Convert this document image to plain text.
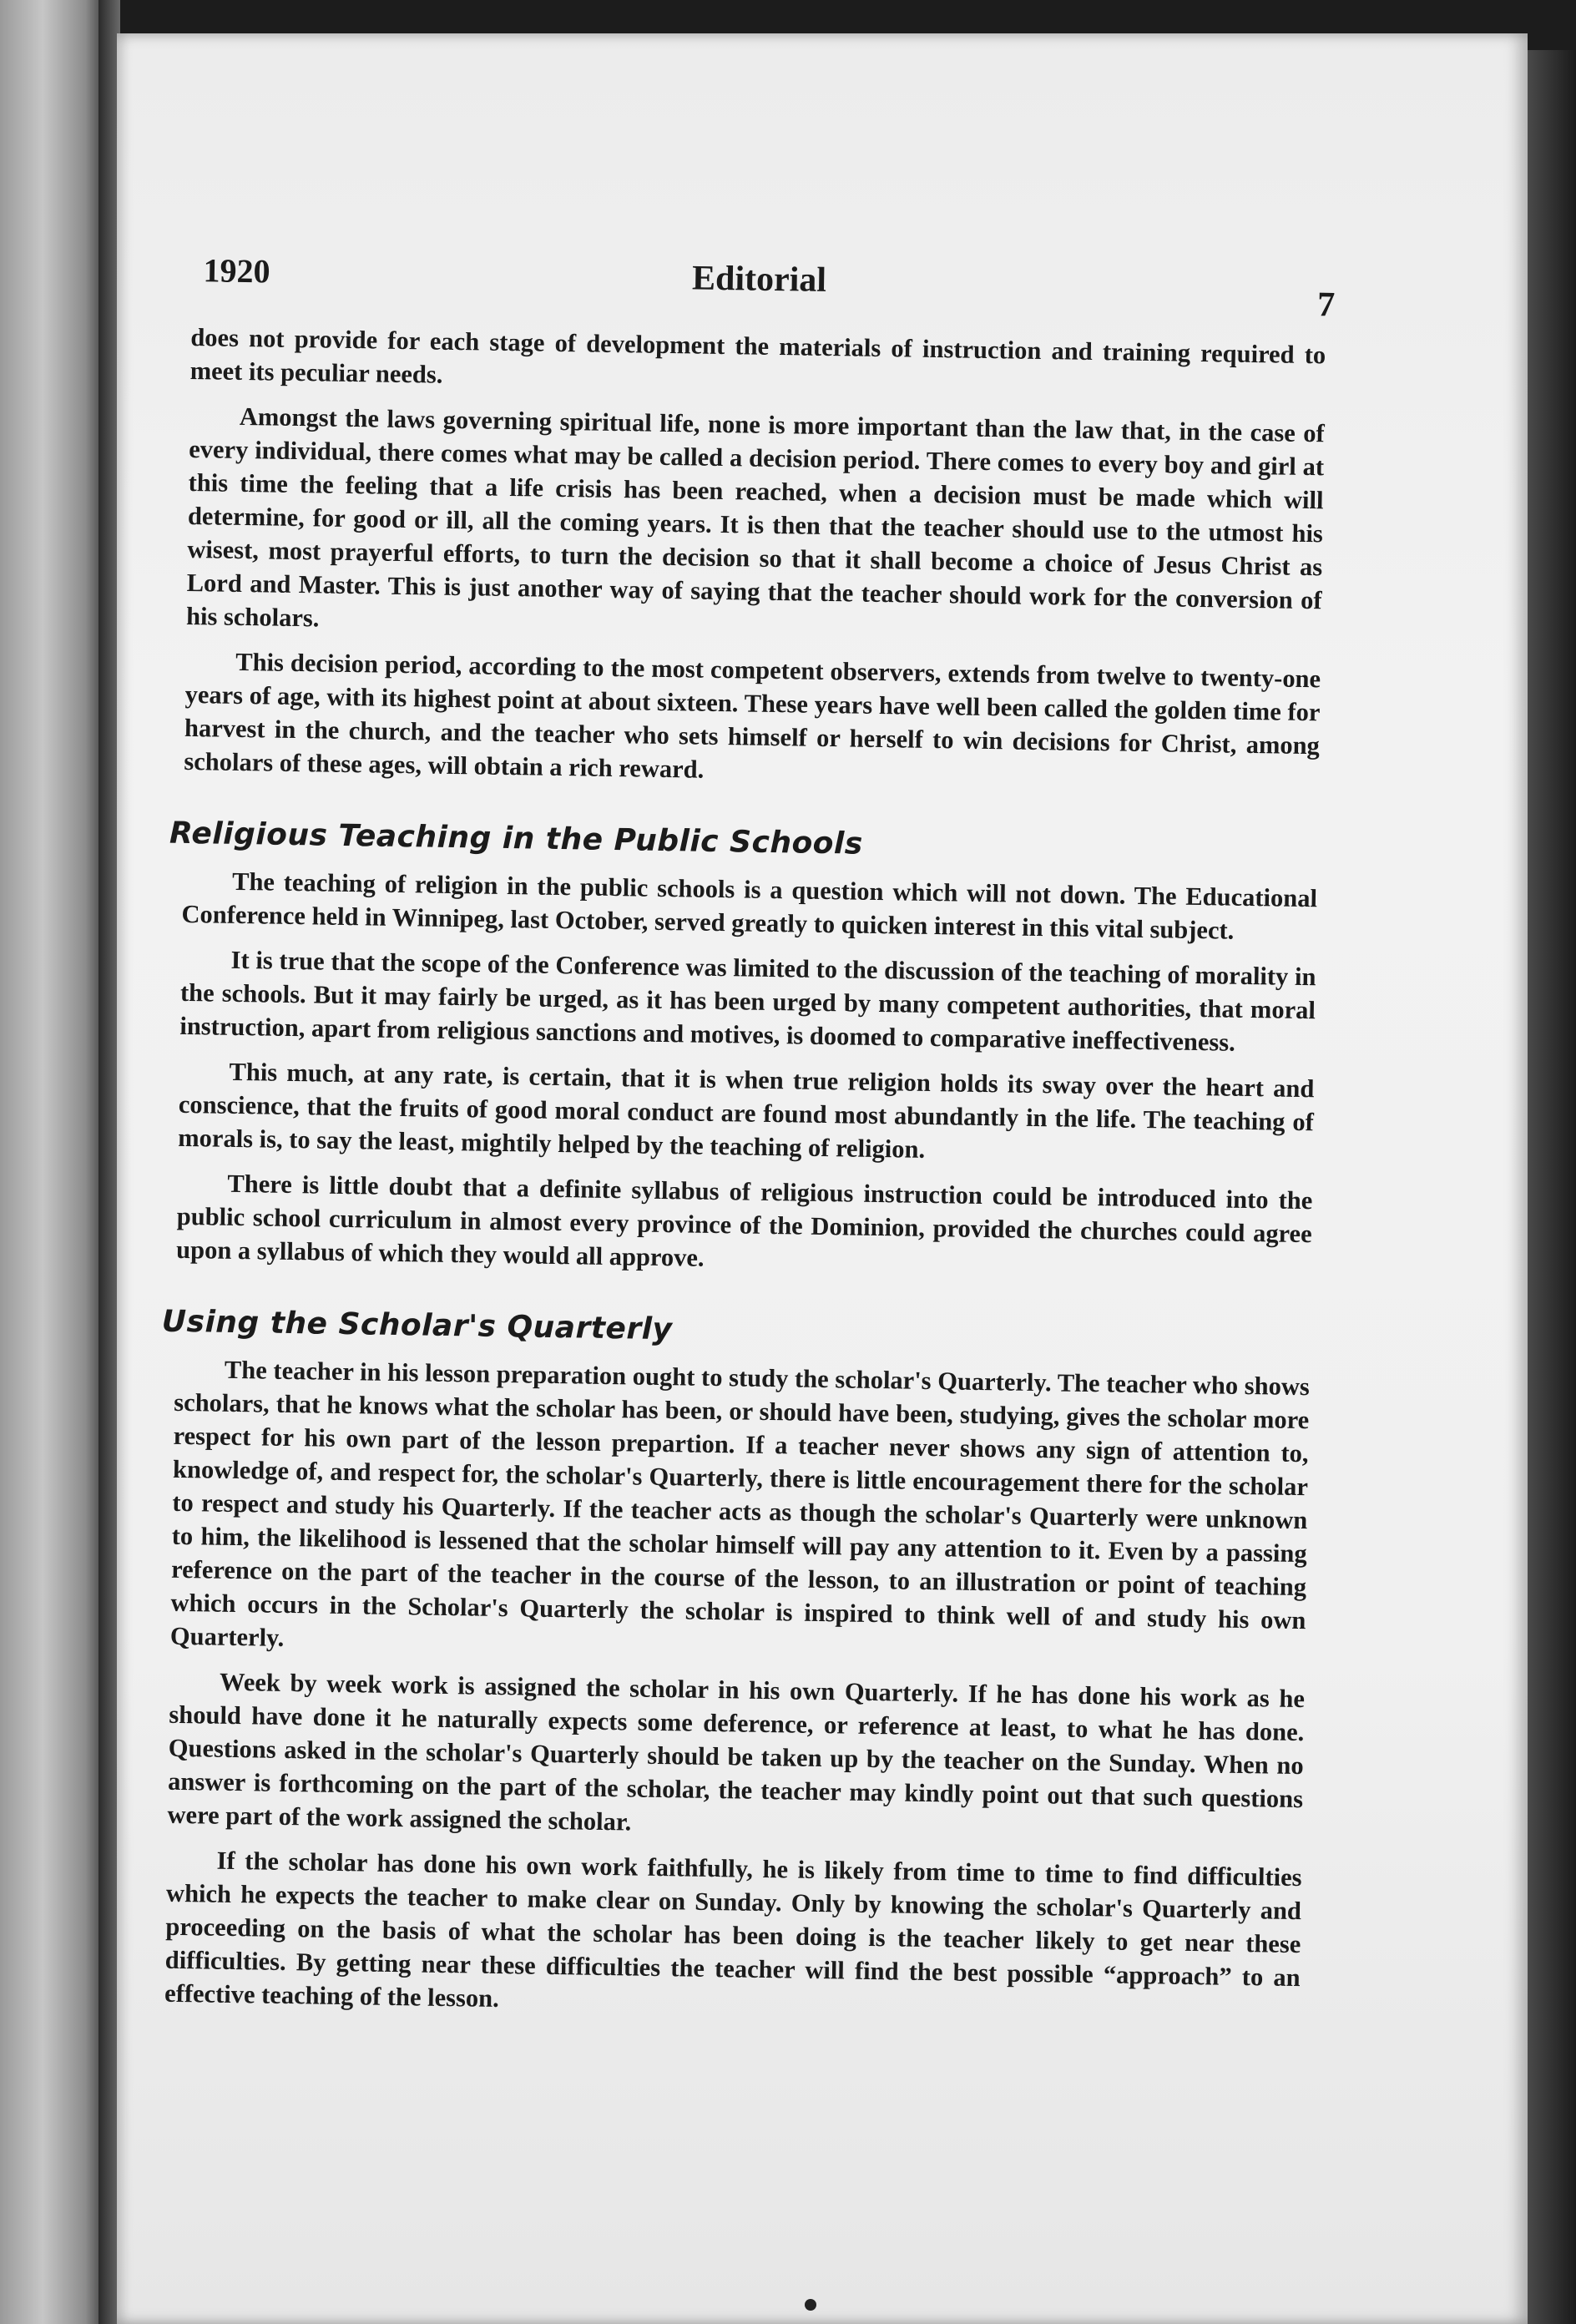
1920	Editorial
7

does not provide for each stage of development the materials of instruction and training required to meet its peculiar needs.

Amongst the laws governing spiritual life, none is more important than the law that, in the case of every individual, there comes what may be called a decision period. There comes to every boy and girl at this time the feeling that a life crisis has been reached, when a decision must be made which will determine, for good or ill, all the coming years. It is then that the teacher should use to the utmost his wisest, most prayerful efforts, to turn the decision so that it shall become a choice of Jesus Christ as Lord and Master. This is just another way of saying that the teacher should work for the conversion of his scholars.

This decision period, according to the most competent observers, extends from twelve to twenty-one years of age, with its highest point at about sixteen. These years have well been called the golden time for harvest in the church, and the teacher who sets himself or herself to win decisions for Christ, among scholars of these ages, will obtain a rich reward.

Religious Teaching in the Public Schools

The teaching of religion in the public schools is a question which will not down. The Educational Conference held in Winnipeg, last October, served greatly to quicken interest in this vital subject.

It is true that the scope of the Conference was limited to the discussion of the teaching of morality in the schools. But it may fairly be urged, as it has been urged by many competent authorities, that moral instruction, apart from religious sanctions and motives, is doomed to comparative ineffectiveness.

This much, at any rate, is certain, that it is when true religion holds its sway over the heart and conscience, that the fruits of good moral conduct are found most abundantly in the life. The teaching of morals is, to say the least, mightily helped by the teaching of religion.

There is little doubt that a definite syllabus of religious instruction could be introduced into the public school curriculum in almost every province of the Dominion, provided the churches could agree upon a syllabus of which they would all approve.

Using the Scholar's Quarterly

The teacher in his lesson preparation ought to study the scholar's Quarterly. The teacher who shows scholars, that he knows what the scholar has been, or should have been, studying, gives the scholar more respect for his own part of the lesson prepartion. If a teacher never shows any sign of attention to, knowledge of, and respect for, the scholar's Quarterly, there is little encouragement there for the scholar to respect and study his Quarterly. If the teacher acts as though the scholar's Quarterly were unknown to him, the likelihood is lessened that the scholar himself will pay any attention to it. Even by a passing reference on the part of the teacher in the course of the lesson, to an illustration or point of teaching which occurs in the Scholar's Quarterly the scholar is inspired to think well of and study his own Quarterly.

Week by week work is assigned the scholar in his own Quarterly. If he has done his work as he should have done it he naturally expects some deference, or reference at least, to what he has done. Questions asked in the scholar's Quarterly should be taken up by the teacher on the Sunday. When no answer is forthcoming on the part of the scholar, the teacher may kindly point out that such questions were part of the work assigned the scholar.

If the scholar has done his own work faithfully, he is likely from time to time to find difficulties which he expects the teacher to make clear on Sunday. Only by knowing the scholar's Quarterly and proceeding on the basis of what the scholar has been doing is the teacher likely to get near these difficulties. By getting near these difficulties the teacher will find the best possible “approach” to an effective teaching of the lesson.
